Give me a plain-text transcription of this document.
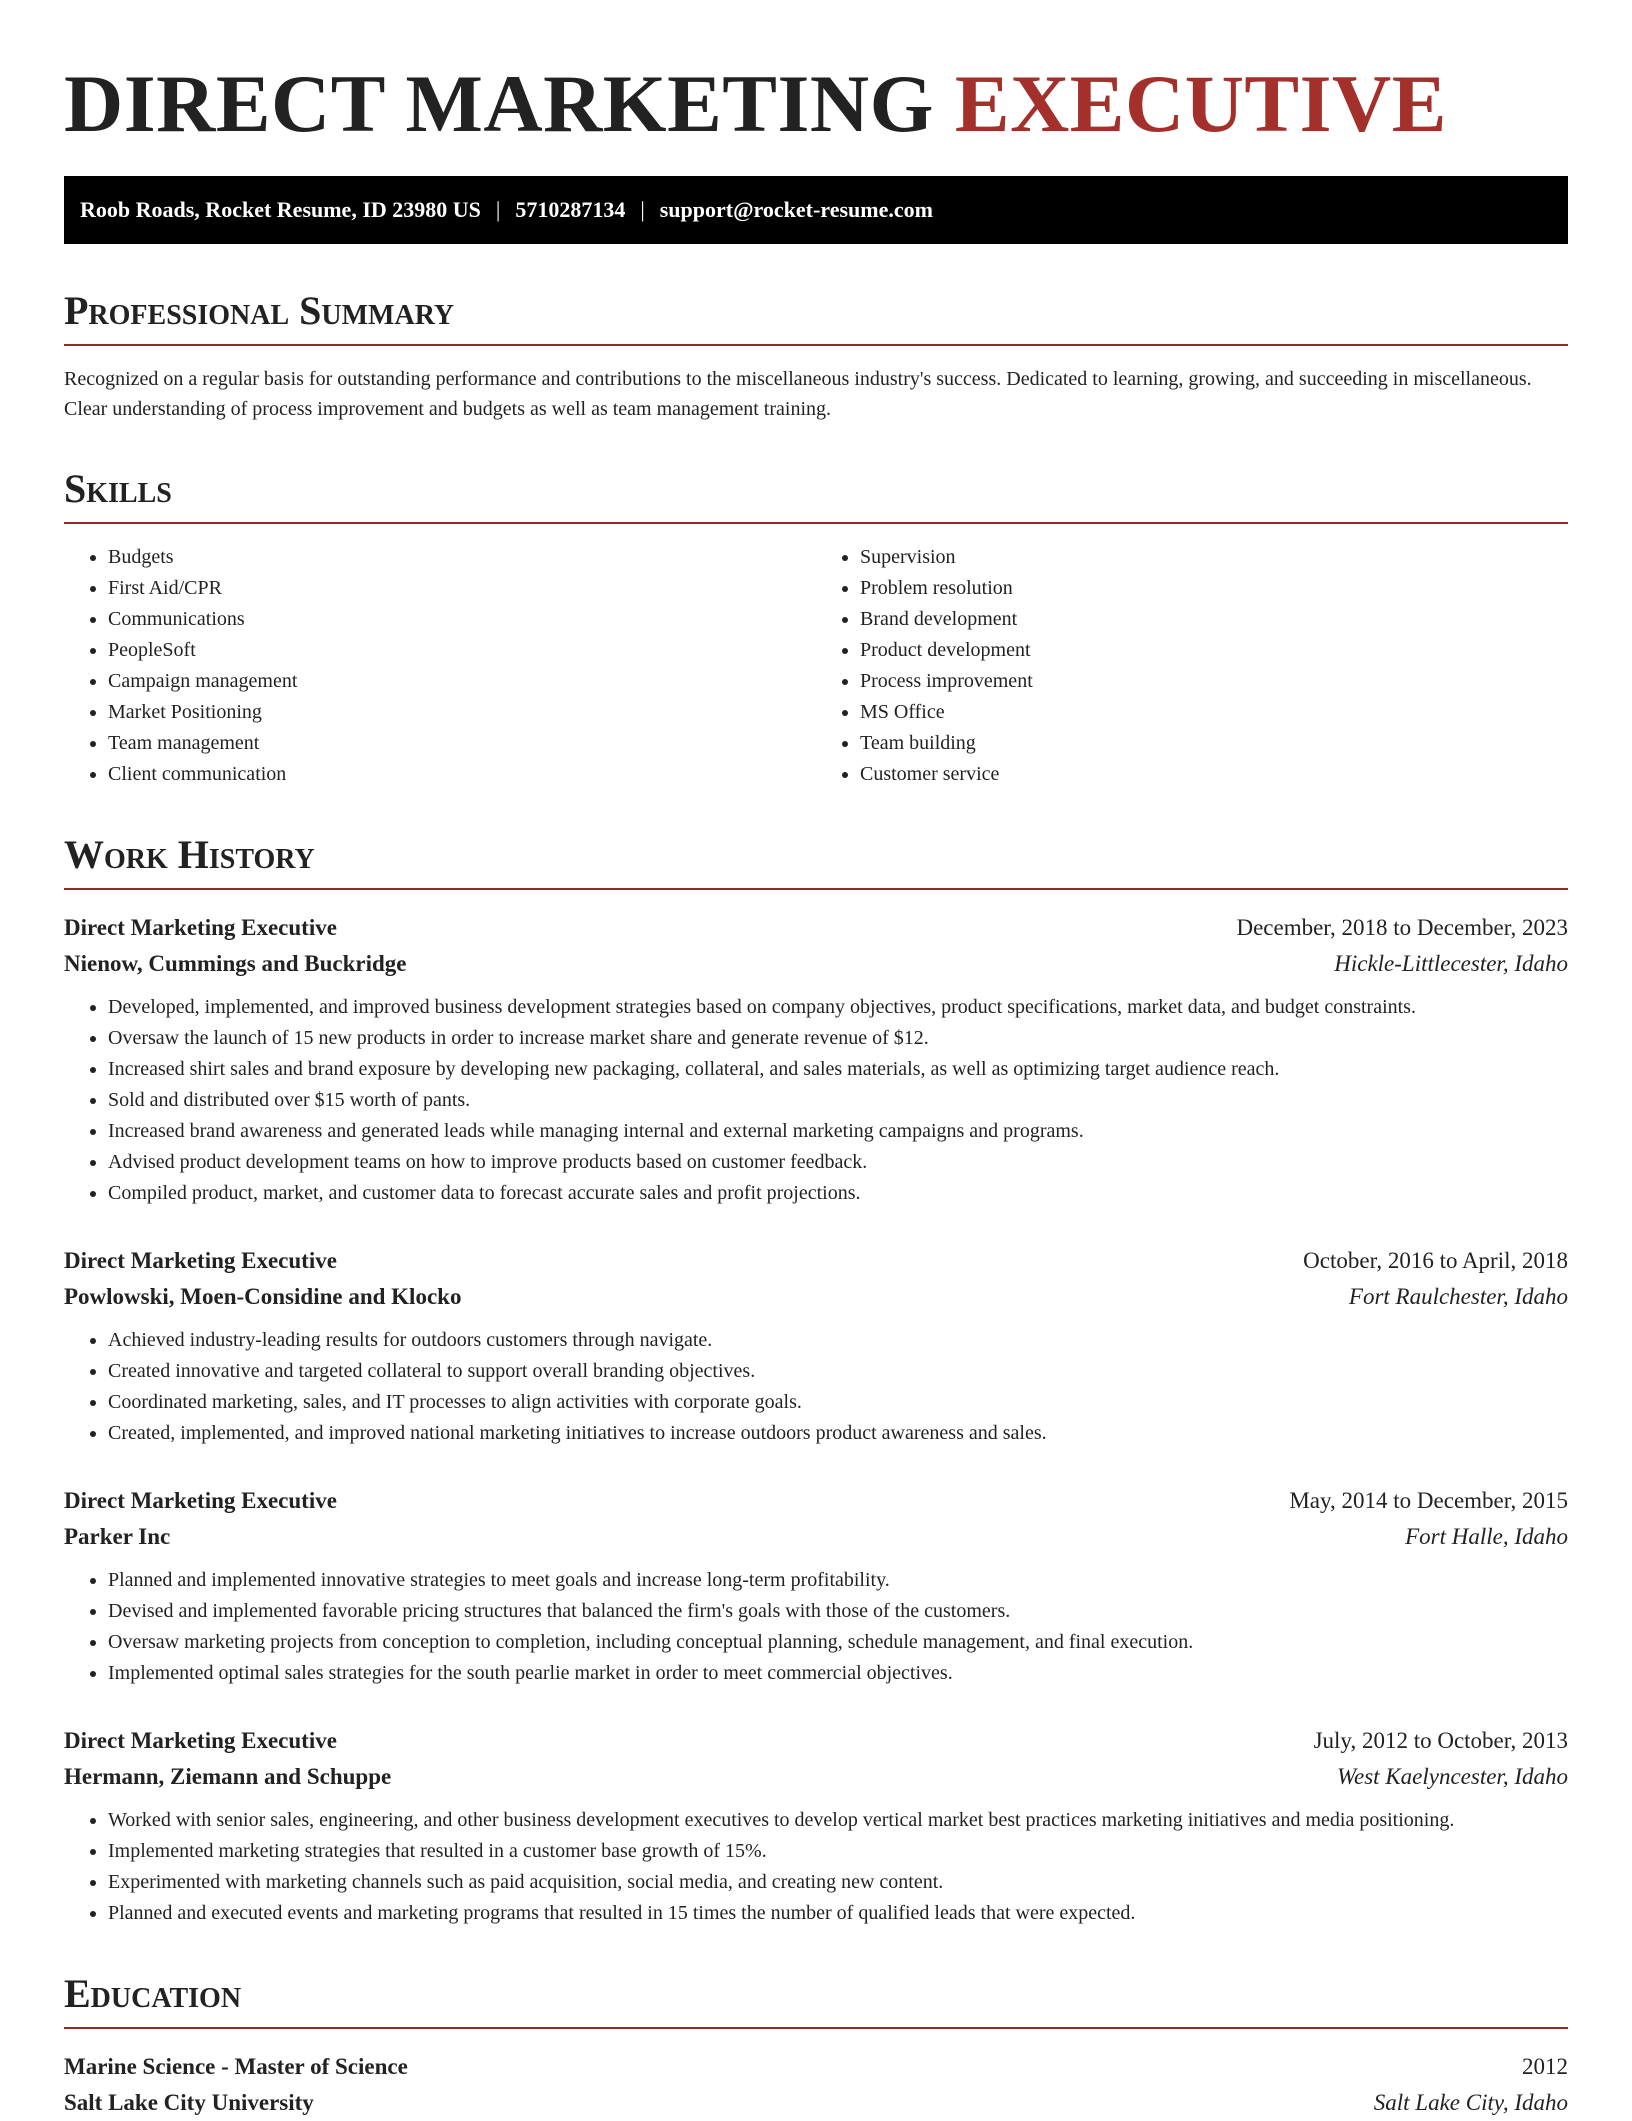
DIRECT MARKETING EXECUTIVE
Roob Roads, Rocket Resume, ID 23980 US | 5710287134 | support@rocket-resume.com
Professional Summary

Recognized on a regular basis for outstanding performance and contributions to the miscellaneous industry's success. Dedicated to learning, growing, and succeeding in miscellaneous. Clear understanding of process improvement and budgets as well as team management training.

Skills
• Budgets
• First Aid/CPR
• Communications
• PeopleSoft
• Campaign management
• Market Positioning
• Team management
• Client communication
• Supervision
• Problem resolution
• Brand development
• Product development
• Process improvement
• MS Office
• Team building
• Customer service
Work History
Direct Marketing Executive	December, 2018 to December, 2023
Nienow, Cummings and Buckridge	Hickle-Littlecester, Idaho
• Developed, implemented, and improved business development strategies based on company objectives, product specifications, market data, and budget constraints.
• Oversaw the launch of 15 new products in order to increase market share and generate revenue of $12.
• Increased shirt sales and brand exposure by developing new packaging, collateral, and sales materials, as well as optimizing target audience reach.
• Sold and distributed over $15 worth of pants.
• Increased brand awareness and generated leads while managing internal and external marketing campaigns and programs.
• Advised product development teams on how to improve products based on customer feedback.
• Compiled product, market, and customer data to forecast accurate sales and profit projections.
Direct Marketing Executive	October, 2016 to April, 2018
Powlowski, Moen-Considine and Klocko	Fort Raulchester, Idaho
• Achieved industry-leading results for outdoors customers through navigate.
• Created innovative and targeted collateral to support overall branding objectives.
• Coordinated marketing, sales, and IT processes to align activities with corporate goals.
• Created, implemented, and improved national marketing initiatives to increase outdoors product awareness and sales.
Direct Marketing Executive	May, 2014 to December, 2015
Parker Inc	Fort Halle, Idaho
• Planned and implemented innovative strategies to meet goals and increase long-term profitability.
• Devised and implemented favorable pricing structures that balanced the firm's goals with those of the customers.
• Oversaw marketing projects from conception to completion, including conceptual planning, schedule management, and final execution.
• Implemented optimal sales strategies for the south pearlie market in order to meet commercial objectives.
Direct Marketing Executive	July, 2012 to October, 2013
Hermann, Ziemann and Schuppe	West Kaelyncester, Idaho
• Worked with senior sales, engineering, and other business development executives to develop vertical market best practices marketing initiatives and media positioning.
• Implemented marketing strategies that resulted in a customer base growth of 15%.
• Experimented with marketing channels such as paid acquisition, social media, and creating new content.
• Planned and executed events and marketing programs that resulted in 15 times the number of qualified leads that were expected.
Education
Marine Science - Master of Science	2012
Salt Lake City University	Salt Lake City, Idaho
